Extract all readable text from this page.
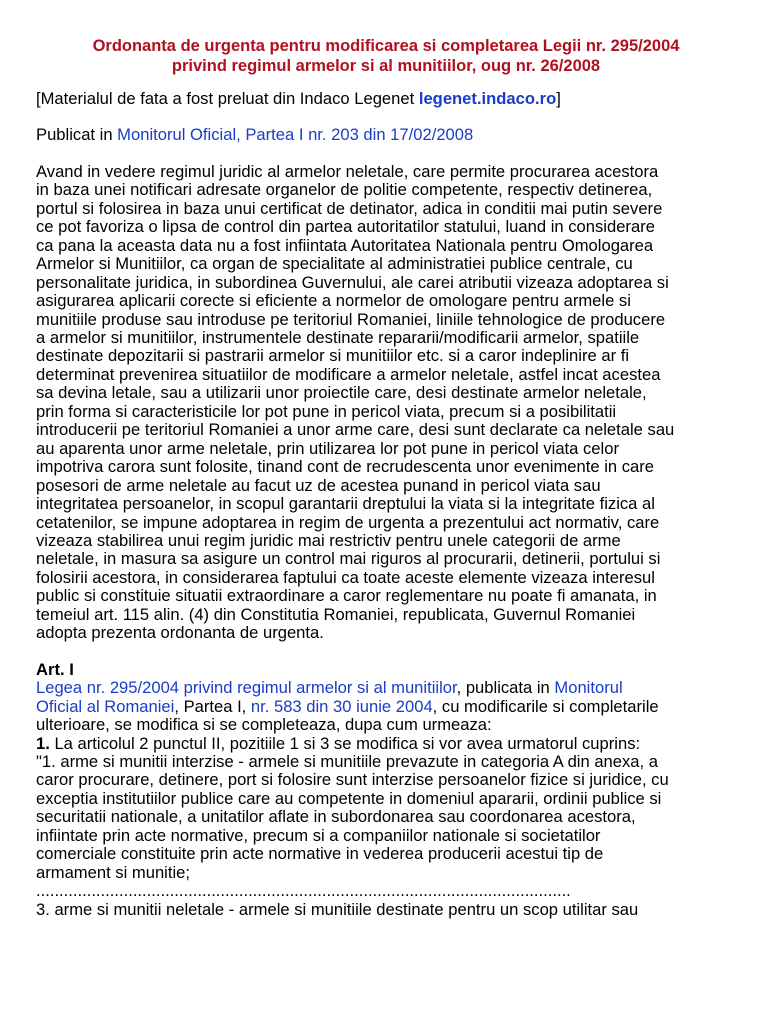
Ordonanta de urgenta pentru modificarea si completarea Legii nr. 295/2004
privind regimul armelor si al munitiilor, oug nr. 26/2008

[Materialul de fata a fost preluat din Indaco Legenet legenet.indaco.ro]

Publicat in Monitorul Oficial, Partea I nr. 203 din 17/02/2008

Avand in vedere regimul juridic al armelor neletale, care permite procurarea acestora
in baza unei notificari adresate organelor de politie competente, respectiv detinerea,
portul si folosirea in baza unui certificat de detinator, adica in conditii mai putin severe
ce pot favoriza o lipsa de control din partea autoritatilor statului, luand in considerare
ca pana la aceasta data nu a fost infiintata Autoritatea Nationala pentru Omologarea
Armelor si Munitiilor, ca organ de specialitate al administratiei publice centrale, cu
personalitate juridica, in subordinea Guvernului, ale carei atributii vizeaza adoptarea si
asigurarea aplicarii corecte si eficiente a normelor de omologare pentru armele si
munitiile produse sau introduse pe teritoriul Romaniei, liniile tehnologice de producere
a armelor si munitiilor, instrumentele destinate repararii/modificarii armelor, spatiile
destinate depozitarii si pastrarii armelor si munitiilor etc. si a caror indeplinire ar fi
determinat prevenirea situatiilor de modificare a armelor neletale, astfel incat acestea
sa devina letale, sau a utilizarii unor proiectile care, desi destinate armelor neletale,
prin forma si caracteristicile lor pot pune in pericol viata, precum si a posibilitatii
introducerii pe teritoriul Romaniei a unor arme care, desi sunt declarate ca neletale sau
au aparenta unor arme neletale, prin utilizarea lor pot pune in pericol viata celor
impotriva carora sunt folosite, tinand cont de recrudescenta unor evenimente in care
posesori de arme neletale au facut uz de acestea punand in pericol viata sau
integritatea persoanelor, in scopul garantarii dreptului la viata si la integritate fizica al
cetatenilor, se impune adoptarea in regim de urgenta a prezentului act normativ, care
vizeaza stabilirea unui regim juridic mai restrictiv pentru unele categorii de arme
neletale, in masura sa asigure un control mai riguros al procurarii, detinerii, portului si
folosirii acestora, in considerarea faptului ca toate aceste elemente vizeaza interesul
public si constituie situatii extraordinare a caror reglementare nu poate fi amanata, in
temeiul art. 115 alin. (4) din Constitutia Romaniei, republicata, Guvernul Romaniei
adopta prezenta ordonanta de urgenta.

Art. I
Legea nr. 295/2004 privind regimul armelor si al munitiilor, publicata in Monitorul
Oficial al Romaniei, Partea I, nr. 583 din 30 iunie 2004, cu modificarile si completarile
ulterioare, se modifica si se completeaza, dupa cum urmeaza:
1. La articolul 2 punctul II, pozitiile 1 si 3 se modifica si vor avea urmatorul cuprins:
"1. arme si munitii interzise - armele si munitiile prevazute in categoria A din anexa, a
caror procurare, detinere, port si folosire sunt interzise persoanelor fizice si juridice, cu
exceptia institutiilor publice care au competente in domeniul apararii, ordinii publice si
securitatii nationale, a unitatilor aflate in subordonarea sau coordonarea acestora,
infiintate prin acte normative, precum si a companiilor nationale si societatilor
comerciale constituite prin acte normative in vederea producerii acestui tip de
armament si munitie;
....................................................................................................................
3. arme si munitii neletale - armele si munitiile destinate pentru un scop utilitar sau
